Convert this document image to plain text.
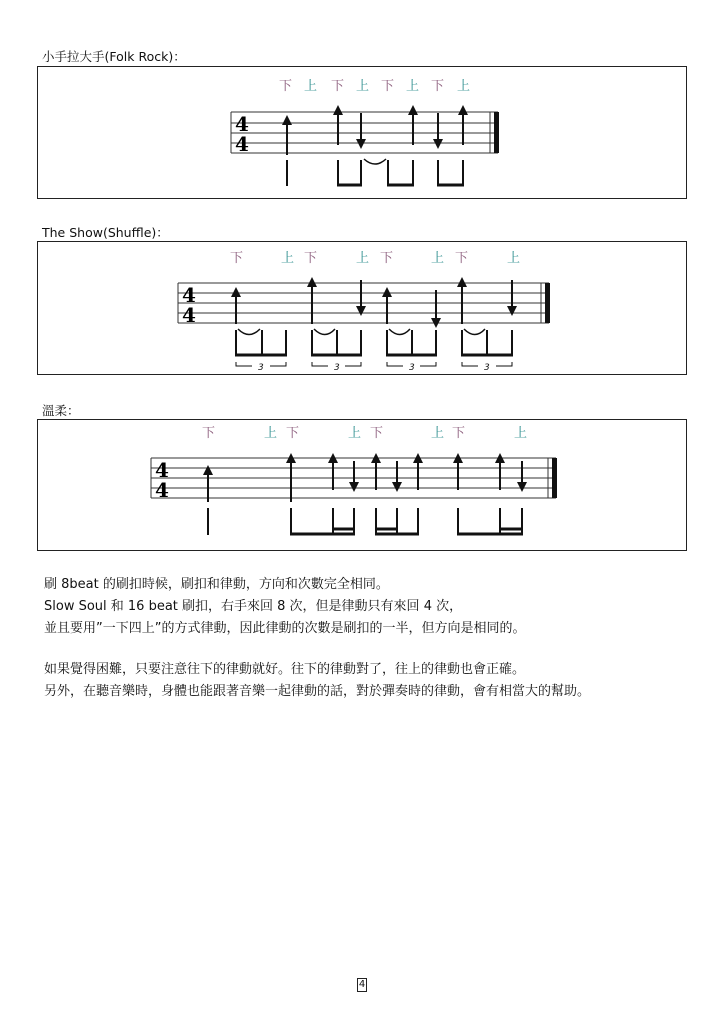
小手拉大手(Folk Rock)：
4
4
下 上 下 上 下 上 下 上
The Show(Shuffle)：
4
4
下	上 下	上 下	上 下	上
3	3	3	3
溫柔：
4
4
下	上 下	上 下	上 下	上

刷 8beat 的刷扣時候，刷扣和律動，方向和次數完全相同。

Slow Soul 和 16 beat 刷扣，右手來回 8 次，但是律動只有來回 4 次，

並且要用”一下四上”的方式律動，因此律動的次數是刷扣的一半，但方向是相同的。

如果覺得困難，只要注意往下的律動就好。往下的律動對了，往上的律動也會正確。

另外，在聽音樂時，身體也能跟著音樂一起律動的話，對於彈奏時的律動，會有相當大的幫助。

4
